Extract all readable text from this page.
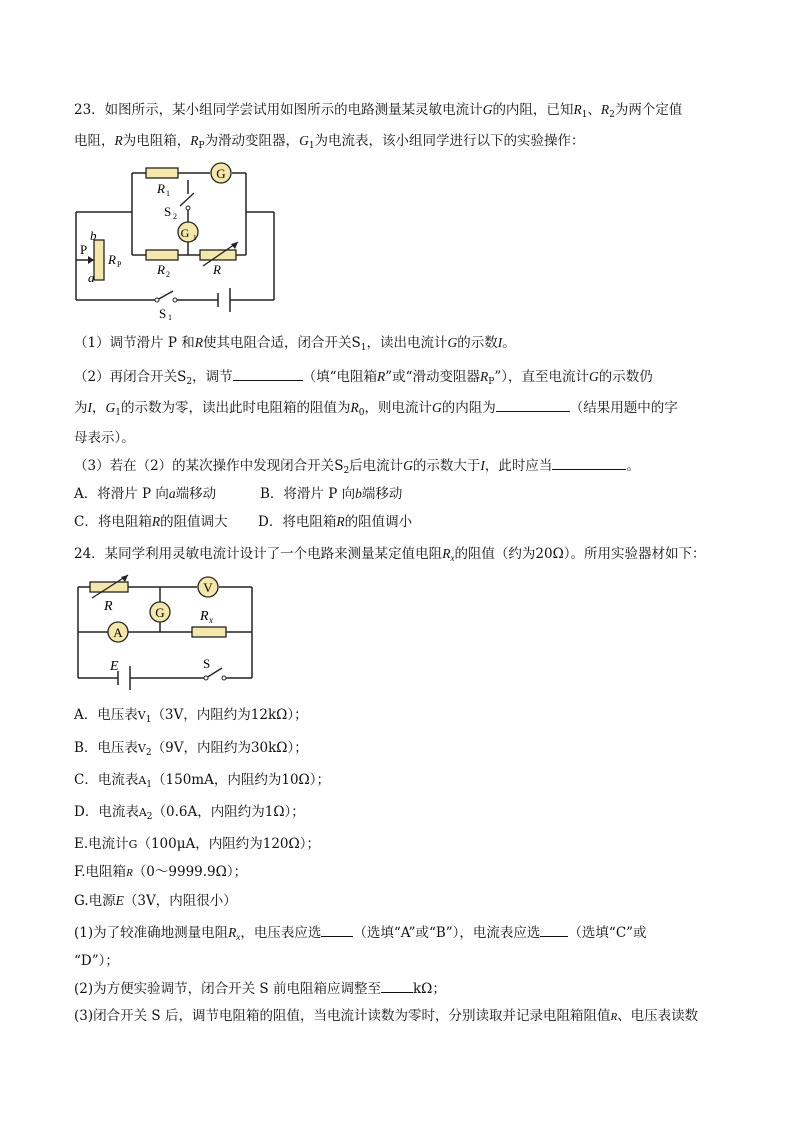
23．如图所示，某小组同学尝试用如图所示的电路测量某灵敏电流计G的内阻，已知$R_1$、$R_2$为两个定值
电阻，R为电阻箱，$R_P$为滑动变阻器，$G_1$为电流表，该小组同学进行以下的实验操作：
G
G 1
R 1
S 2
R 2	R
b
P
R P
a
S 1
（1）调节滑片 P 和R使其电阻合适，闭合开关$S_1$，读出电流计G的示数I。
（2）再闭合开关$S_2$，调节	（填“电阻箱R”或“滑动变阻器$R_P$”），直至电流计G的示数仍
为I，$G_1$的示数为零，读出此时电阻箱的阻值为$R_0$，则电流计G的内阻为	（结果用题中的字
母表示）。
（3）若在（2）的某次操作中发现闭合开关$S_2$后电流计G的示数大于I，此时应当	。
A．将滑片 P 向a端移动	B．将滑片 P 向b端移动
C．将电阻箱R的阻值调大 D．将电阻箱R的阻值调小
24．某同学利用灵敏电流计设计了一个电路来测量某定值电阻$R_x$的阻值（约为20Ω）。所用实验器材如下：
V
G
A
R
R x
E	S
A．电压表$V_1(3V$，内阻约为12kΩ）；
B．电压表$V_2(9V$，内阻约为30kΩ）；
C．电流表$A_1(150mA$，内阻约为10Ω）；
D．电流表$A_2(0.6A$，内阻约为1Ω）；
E.电流计G（100μA，内阻约为120Ω）；
F.电阻箱R（0～9999.9Ω）；
G.电源E（3V，内阻很小）
(1)为了较准确地测量电阻$R_x$，电压表应选 （选填“A”或“B”），电流表应选 （选填“C”或
“D”）；
(2)为方便实验调节，闭合开关 S 前电阻箱应调整至 kΩ；
(3)闭合开关 S 后，调节电阻箱的阻值，当电流计读数为零时，分别读取并记录电阻箱阻值R、电压表读数
